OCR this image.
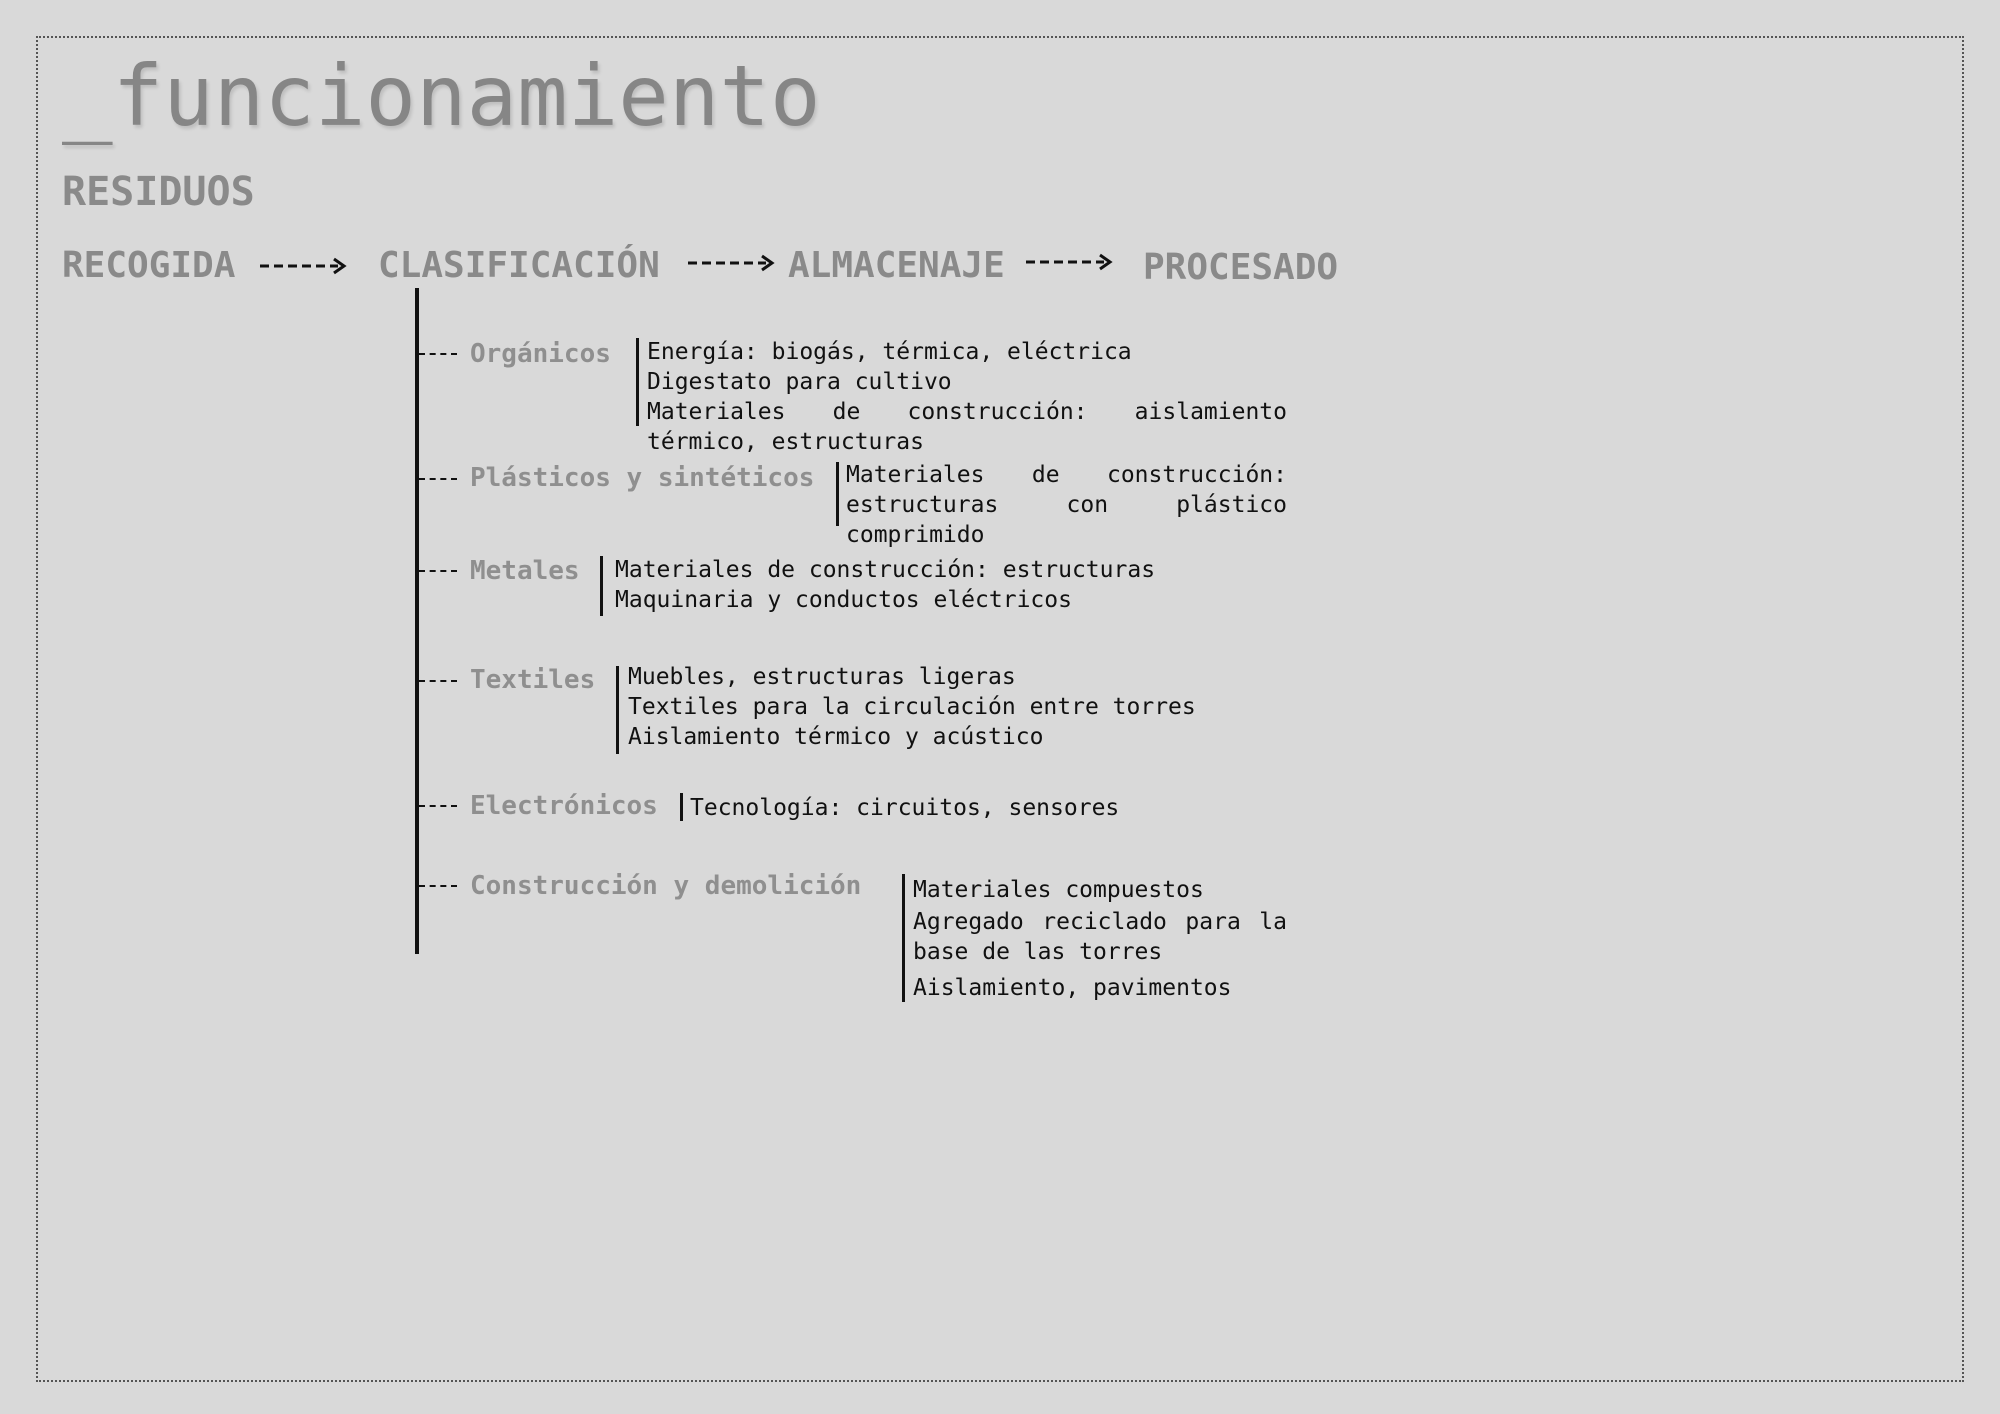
_funcionamiento
RESIDUOS
RECOGIDA	CLASIFICACIÓN	ALMACENAJE	PROCESADO
Orgánicos Energía: biogás, térmica, eléctrica
Digestato para cultivo
Materiales de construcción: aislamiento térmico, estructuras
Plásticos y sintéticos Materiales de construcción: estructuras con plástico comprimido
Metales Materiales de construcción: estructuras
Maquinaria y conductos eléctricos
Textiles Muebles, estructuras ligeras
Textiles para la circulación entre torres
Aislamiento térmico y acústico
Electrónicos Tecnología: circuitos, sensores
Construcción y demolición Materiales compuestos
Agregado reciclado para la base de las torres
Aislamiento, pavimentos
